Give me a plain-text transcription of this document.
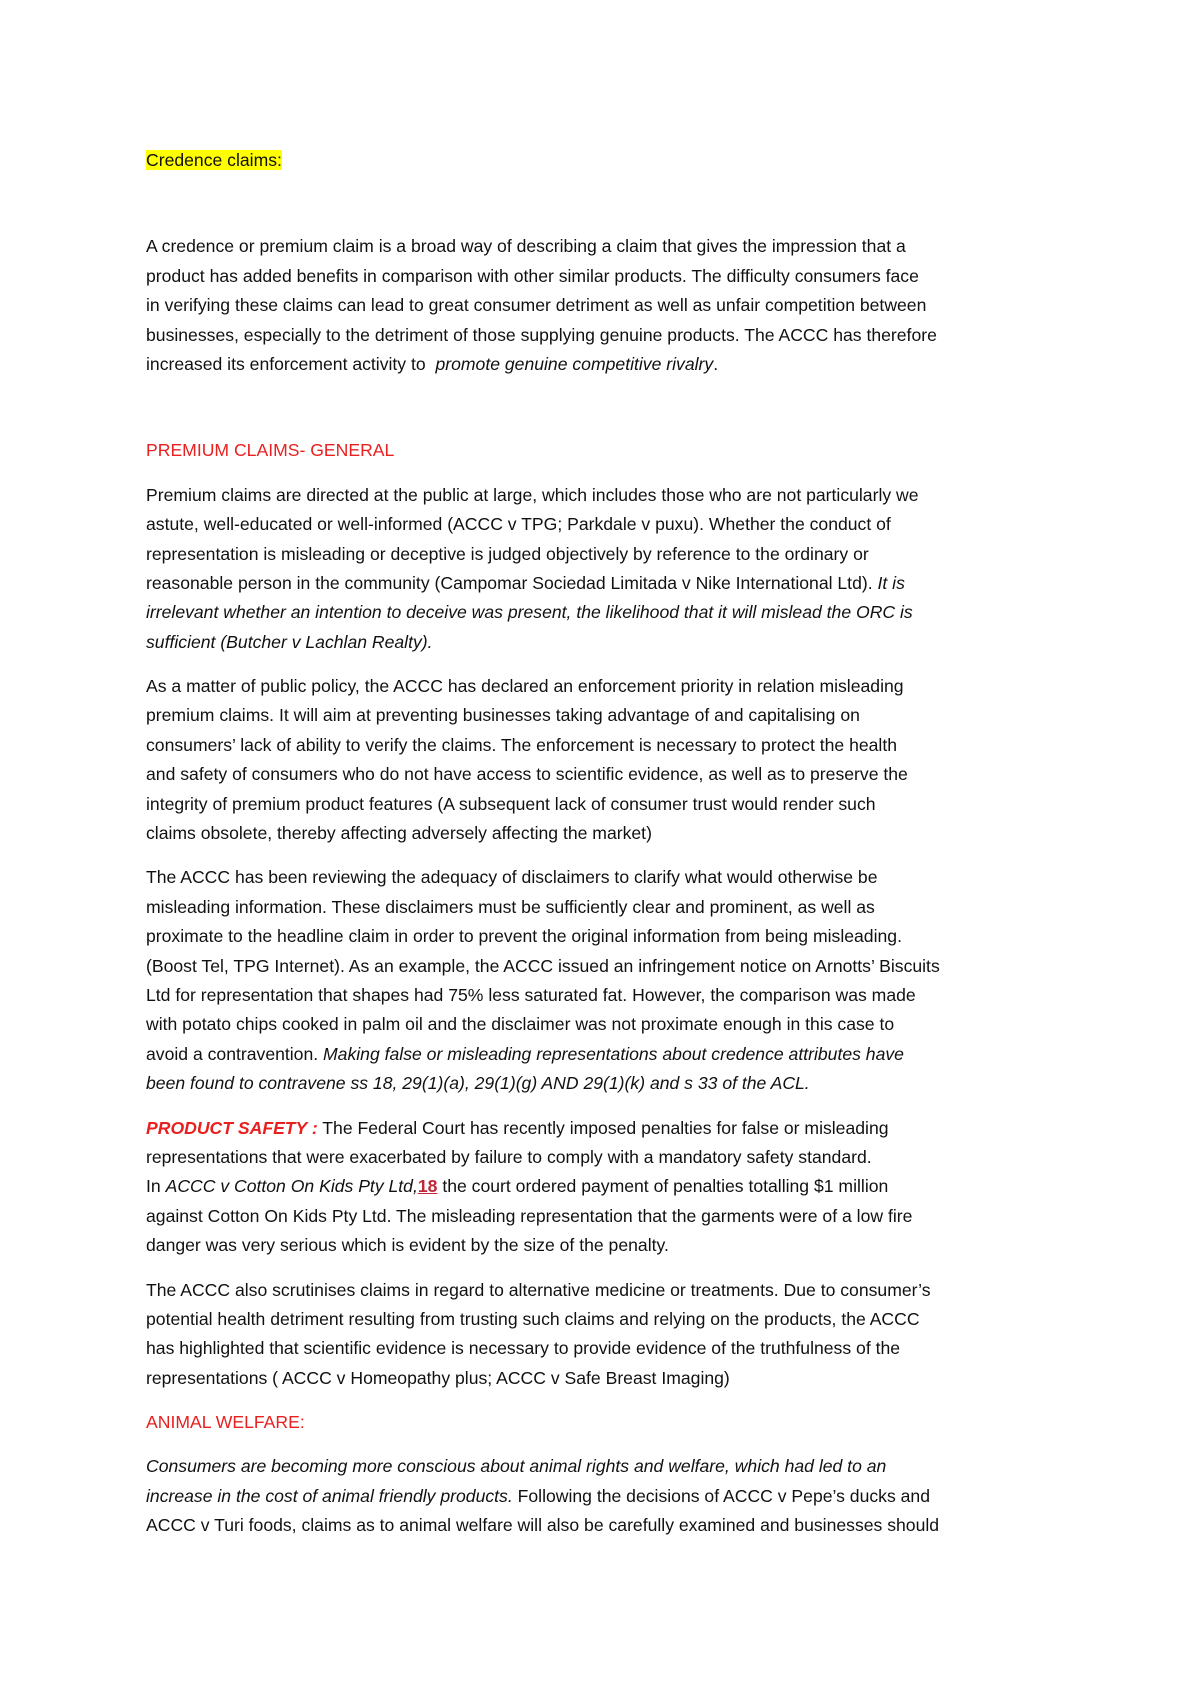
Credence claims:
A credence or premium claim is a broad way of describing a claim that gives the impression that a
product has added benefits in comparison with other similar products. The difficulty consumers face
in verifying these claims can lead to great consumer detriment as well as unfair competition between
businesses, especially to the detriment of those supplying genuine products. The ACCC has therefore
increased its enforcement activity to promote genuine competitive rivalry.
PREMIUM CLAIMS- GENERAL
Premium claims are directed at the public at large, which includes those who are not particularly we
astute, well-educated or well-informed (ACCC v TPG; Parkdale v puxu). Whether the conduct of
representation is misleading or deceptive is judged objectively by reference to the ordinary or
reasonable person in the community (Campomar Sociedad Limitada v Nike International Ltd). It is
irrelevant whether an intention to deceive was present, the likelihood that it will mislead the ORC is
sufficient (Butcher v Lachlan Realty).
As a matter of public policy, the ACCC has declared an enforcement priority in relation misleading
premium claims. It will aim at preventing businesses taking advantage of and capitalising on
consumers’ lack of ability to verify the claims. The enforcement is necessary to protect the health
and safety of consumers who do not have access to scientific evidence, as well as to preserve the
integrity of premium product features (A subsequent lack of consumer trust would render such
claims obsolete, thereby affecting adversely affecting the market)
The ACCC has been reviewing the adequacy of disclaimers to clarify what would otherwise be
misleading information. These disclaimers must be sufficiently clear and prominent, as well as
proximate to the headline claim in order to prevent the original information from being misleading.
(Boost Tel, TPG Internet). As an example, the ACCC issued an infringement notice on Arnotts’ Biscuits
Ltd for representation that shapes had 75% less saturated fat. However, the comparison was made
with potato chips cooked in palm oil and the disclaimer was not proximate enough in this case to
avoid a contravention. Making false or misleading representations about credence attributes have
been found to contravene ss 18, 29(1)(a), 29(1)(g) AND 29(1)(k) and s 33 of the ACL.
PRODUCT SAFETY : The Federal Court has recently imposed penalties for false or misleading
representations that were exacerbated by failure to comply with a mandatory safety standard.
In ACCC v Cotton On Kids Pty Ltd,18 the court ordered payment of penalties totalling $1 million
against Cotton On Kids Pty Ltd. The misleading representation that the garments were of a low fire
danger was very serious which is evident by the size of the penalty.
The ACCC also scrutinises claims in regard to alternative medicine or treatments. Due to consumer’s
potential health detriment resulting from trusting such claims and relying on the products, the ACCC
has highlighted that scientific evidence is necessary to provide evidence of the truthfulness of the
representations ( ACCC v Homeopathy plus; ACCC v Safe Breast Imaging)
ANIMAL WELFARE:
Consumers are becoming more conscious about animal rights and welfare, which had led to an
increase in the cost of animal friendly products. Following the decisions of ACCC v Pepe’s ducks and
ACCC v Turi foods, claims as to animal welfare will also be carefully examined and businesses should
